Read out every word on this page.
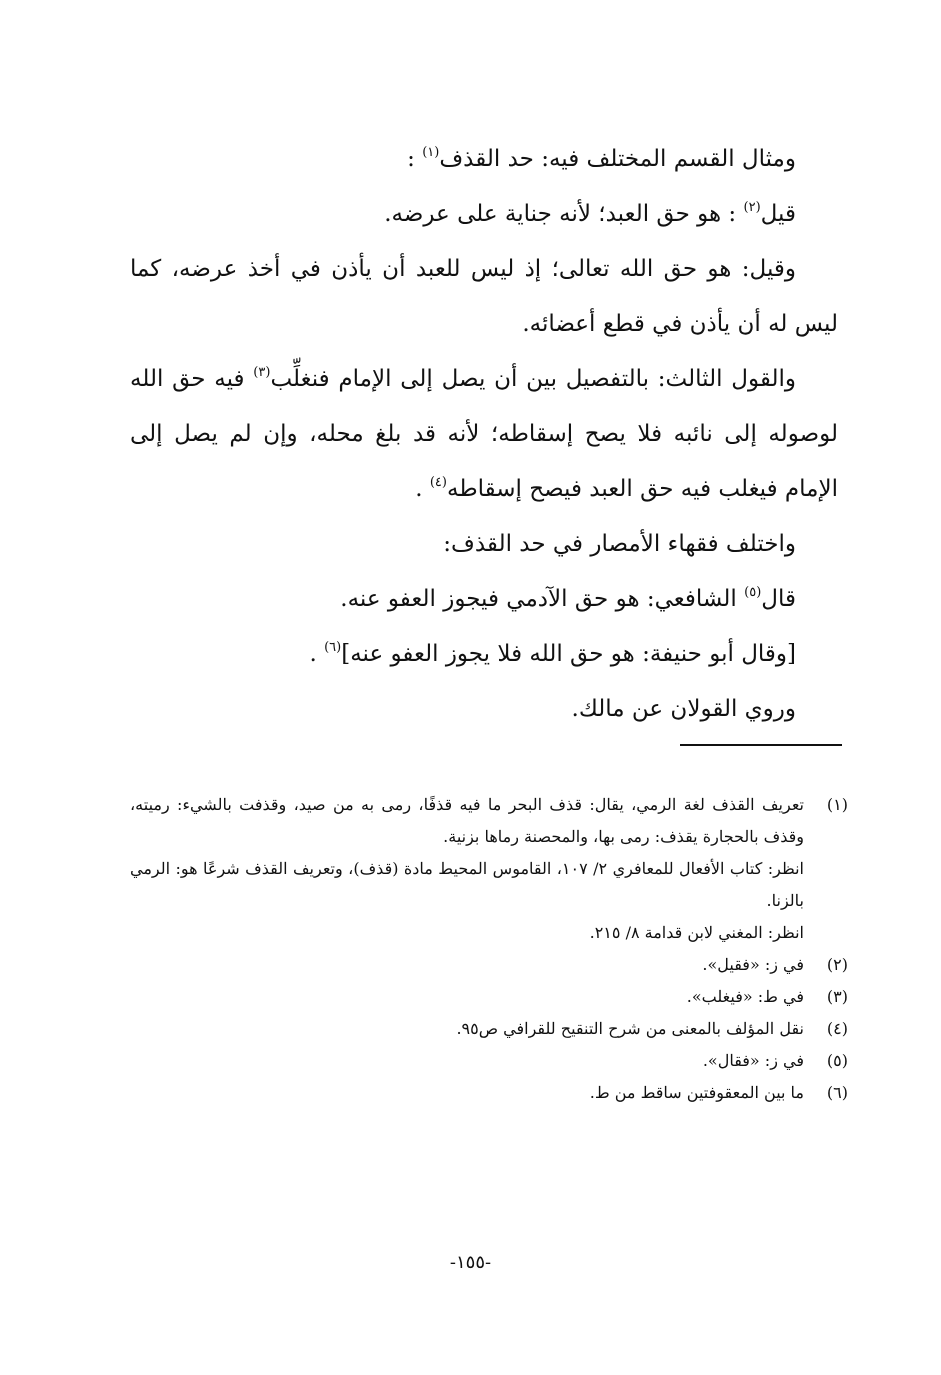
ومثال القسم المختلف فيه: حد القذف$^{(١)}$ :

قيل$^{(٢)}$ : هو حق العبد؛ لأنه جناية على عرضه.

وقيل: هو حق الله تعالى؛ إذ ليس للعبد أن يأذن في أخذ عرضه، كما ليس له أن يأذن في قطع أعضائه.

والقول الثالث: بالتفصيل بين أن يصل إلى الإمام فنغلِّب$^{(٣)}$ فيه حق الله لوصوله إلى نائبه فلا يصح إسقاطه؛ لأنه قد بلغ محله، وإن لم يصل إلى الإمام فيغلب فيه حق العبد فيصح إسقاطه$^{(٤)}$ .

واختلف فقهاء الأمصار في حد القذف:

قال$^{(٥)}$ الشافعي: هو حق الآدمي فيجوز العفو عنه.

[وقال أبو حنيفة: هو حق الله فلا يجوز العفو عنه]$^{(٦)}$ .

وروي القولان عن مالك.

(١)
تعريف القذف لغة الرمي، يقال: قذف البحر ما فيه قذفًا، رمى به من صيد، وقذفت بالشيء: رميته، وقذف بالحجارة يقذف: رمى بها، والمحصنة رماها بزنية.

انظر: كتاب الأفعال للمعافري ٢/ ١٠٧، القاموس المحيط مادة (قذف)، وتعريف القذف شرعًا هو: الرمي بالزنا.

انظر: المغني لابن قدامة ٨/ ٢١٥.

(٢)
في ز: «فقيل».

(٣)
في ط: «فيغلب».

(٤)
نقل المؤلف بالمعنى من شرح التنقيح للقرافي ص٩٥.

(٥)
في ز: «فقال».

(٦)
ما بين المعقوفتين ساقط من ط.

-١٥٥-
